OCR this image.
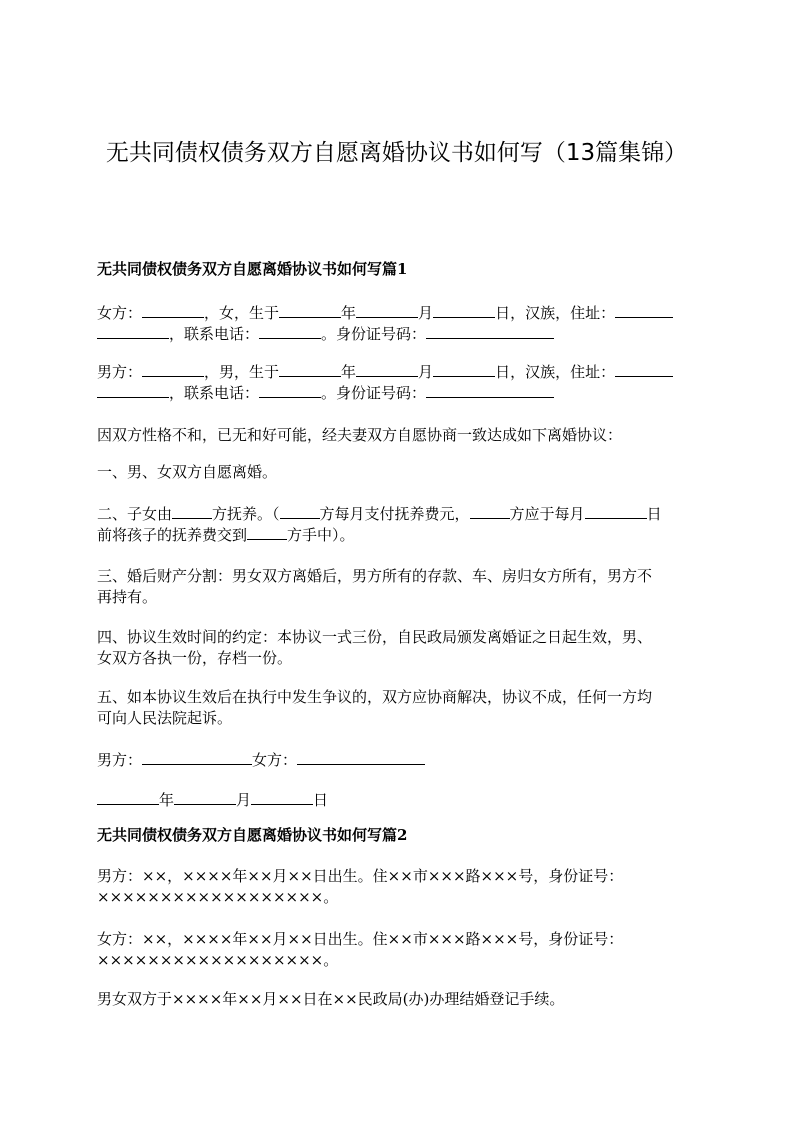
无共同债权债务双方自愿离婚协议书如何写（13篇集锦）
无共同债权债务双方自愿离婚协议书如何写篇1
女方：	，女，生于	年	月	日，汉族，住址：
，联系电话：	。身份证号码：
男方：	，男，生于	年	月	日，汉族，住址：
，联系电话：	。身份证号码：
因双方性格不和，已无和好可能，经夫妻双方自愿协商一致达成如下离婚协议：
一、男、女双方自愿离婚。
二、子女由	方抚养。（	方每月支付抚养费元，	方应于每月	日
前将孩子的抚养费交到	方手中）。
三、婚后财产分割：男女双方离婚后，男方所有的存款、车、房归女方所有，男方不
再持有。
四、协议生效时间的约定：本协议一式三份，自民政局颁发离婚证之日起生效，男、
女双方各执一份，存档一份。
五、如本协议生效后在执行中发生争议的，双方应协商解决，协议不成，任何一方均
可向人民法院起诉。
男方：	女方：
年	月	日
无共同债权债务双方自愿离婚协议书如何写篇2
男方：××，××××年××月××日出生。住××市×××路×××号，身份证号：
××××××××××××××××××。
女方：××，××××年××月××日出生。住××市×××路×××号，身份证号：
××××××××××××××××××。
男女双方于××××年××月××日在××民政局(办)办理结婚登记手续。
